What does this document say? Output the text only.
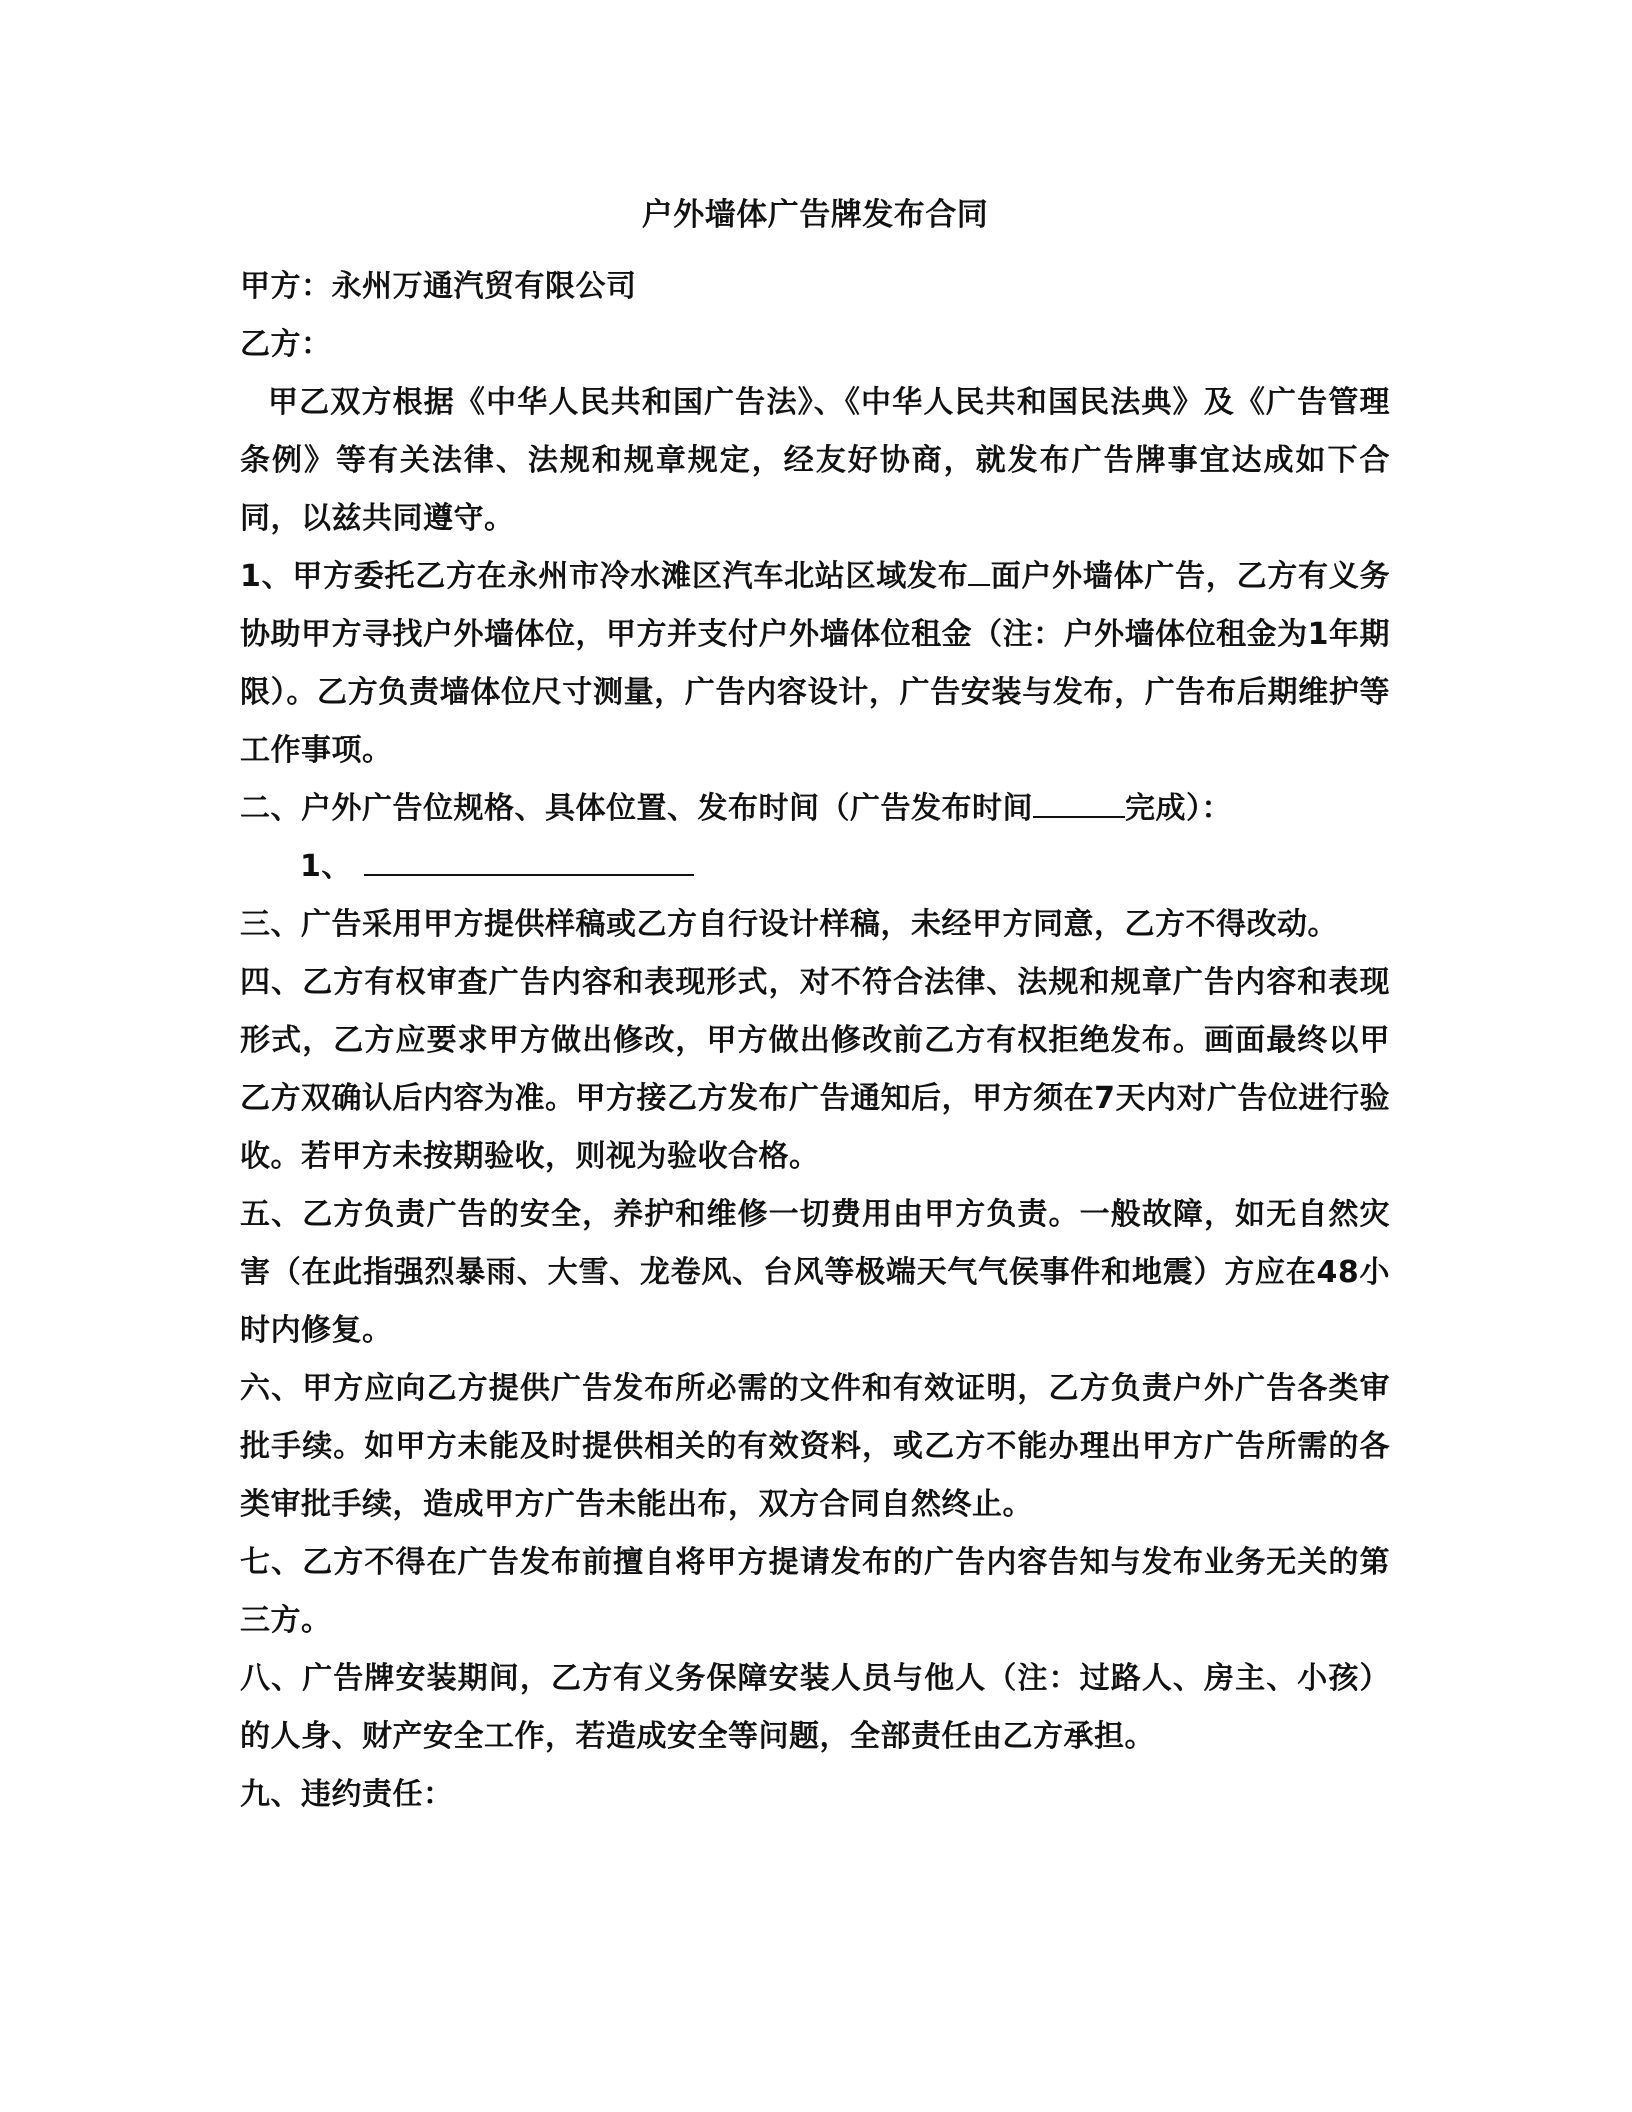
户外墙体广告牌发布合同
甲方：永州万通汽贸有限公司
乙方：
甲乙双方根据《中华人民共和国广告法》、《中华人民共和国民法典》及《广告管理条例》等有关法律、法规和规章规定，经友好协商，就发布广告牌事宜达成如下合同，以兹共同遵守。
1、甲方委托乙方在永州市冷水滩区汽车北站区域发布 面户外墙体广告，乙方有义务协助甲方寻找户外墙体位，甲方并支付户外墙体位租金（注：户外墙体位租金为1年期限）。乙方负责墙体位尺寸测量，广告内容设计，广告安装与发布，广告布后期维护等工作事项。
二、户外广告位规格、具体位置、发布时间（广告发布时间	完成）：
1、
三、广告采用甲方提供样稿或乙方自行设计样稿，未经甲方同意，乙方不得改动。
四、乙方有权审查广告内容和表现形式，对不符合法律、法规和规章广告内容和表现形式，乙方应要求甲方做出修改，甲方做出修改前乙方有权拒绝发布。画面最终以甲乙方双确认后内容为准。甲方接乙方发布广告通知后，甲方须在7天内对广告位进行验收。若甲方未按期验收，则视为验收合格。
五、乙方负责广告的安全，养护和维修一切费用由甲方负责。一般故障，如无自然灾害（在此指强烈暴雨、大雪、龙卷风、台风等极端天气气侯事件和地震）方应在48小时内修复。
六、甲方应向乙方提供广告发布所必需的文件和有效证明，乙方负责户外广告各类审批手续。如甲方未能及时提供相关的有效资料，或乙方不能办理出甲方广告所需的各类审批手续，造成甲方广告未能出布，双方合同自然终止。
七、乙方不得在广告发布前擅自将甲方提请发布的广告内容告知与发布业务无关的第三方。
八、广告牌安装期间，乙方有义务保障安装人员与他人（注：过路人、房主、小孩）的人身、财产安全工作，若造成安全等问题，全部责任由乙方承担。
九、违约责任：
